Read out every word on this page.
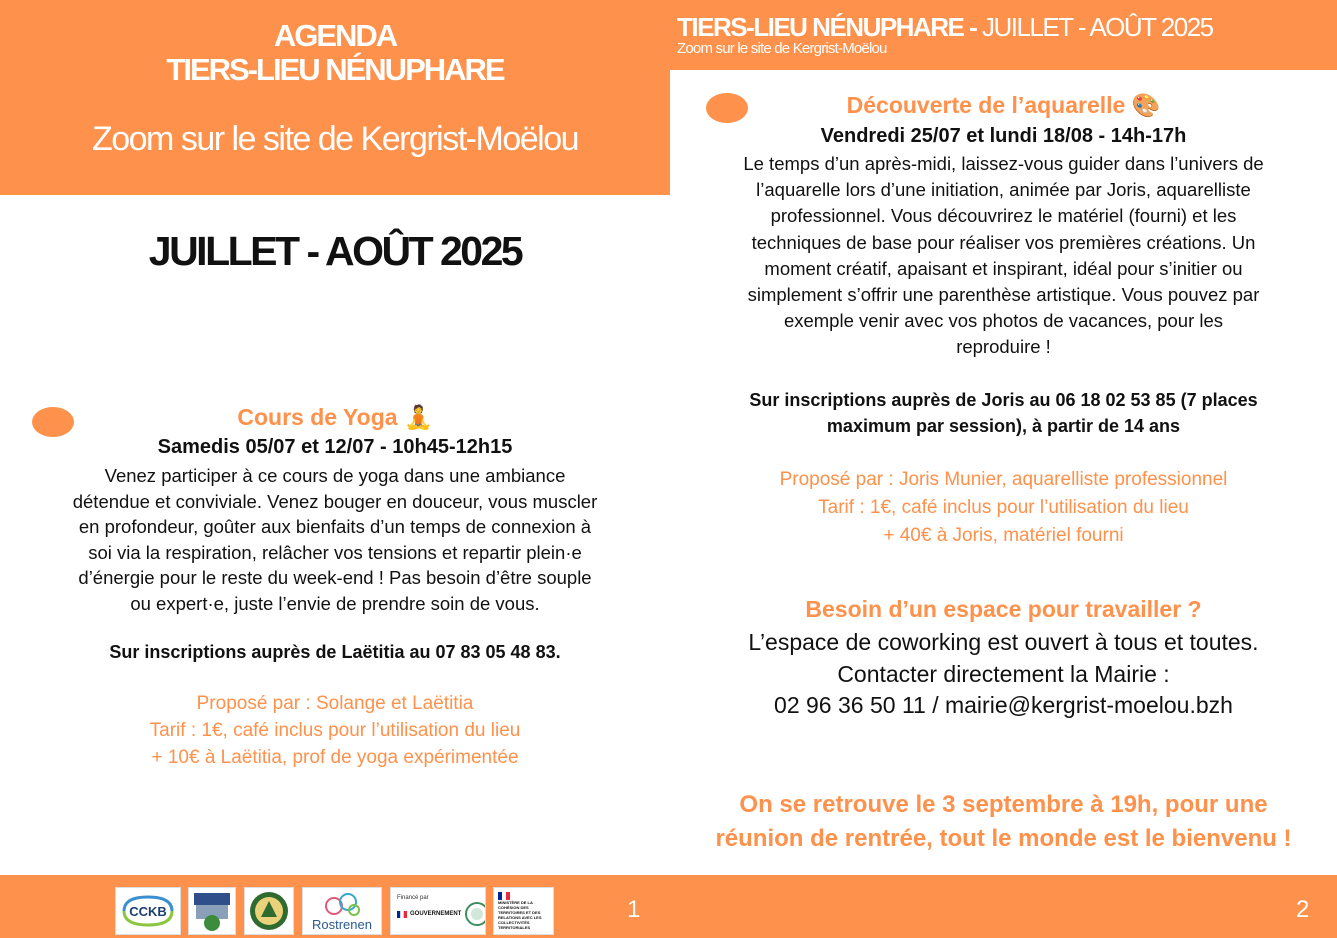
AGENDA
TIERS-LIEU NÉNUPHARE
Zoom sur le site de Kergrist-Moëlou
JUILLET - AOÛT 2025
Cours de Yoga 🧘
Samedis 05/07 et 12/07 - 10h45-12h15
Venez participer à ce cours de yoga dans une ambiance
détendue et conviviale. Venez bouger en douceur, vous muscler
en profondeur, goûter aux bienfaits d’un temps de connexion à
soi via la respiration, relâcher vos tensions et repartir plein·e
d’énergie pour le reste du week-end ! Pas besoin d’être souple
ou expert·e, juste l’envie de prendre soin de vous.
Sur inscriptions auprès de Laëtitia au 07 83 05 48 83.
Proposé par : Solange et Laëtitia
Tarif : 1€, café inclus pour l’utilisation du lieu
+ 10€ à Laëtitia, prof de yoga expérimentée
TIERS-LIEU NÉNUPHARE - JUILLET - AOÛT 2025
Zoom sur le site de Kergrist-Moëlou
Découverte de l’aquarelle 🎨
Vendredi 25/07 et lundi 18/08 - 14h-17h
Le temps d’un après-midi, laissez-vous guider dans l’univers de
l’aquarelle lors d’une initiation, animée par Joris, aquarelliste
professionnel. Vous découvrirez le matériel (fourni) et les
techniques de base pour réaliser vos premières créations. Un
moment créatif, apaisant et inspirant, idéal pour s’initier ou
simplement s’offrir une parenthèse artistique. Vous pouvez par
exemple venir avec vos photos de vacances, pour les
reproduire !
Sur inscriptions auprès de Joris au 06 18 02 53 85 (7 places
maximum par session), à partir de 14 ans
Proposé par : Joris Munier, aquarelliste professionnel
Tarif : 1€, café inclus pour l’utilisation du lieu
+ 40€ à Joris, matériel fourni
Besoin d’un espace pour travailler ?
L’espace de coworking est ouvert à tous et toutes.
Contacter directement la Mairie :
02 96 36 50 11 / mairie@kergrist-moelou.bzh
On se retrouve le 3 septembre à 19h, pour une
réunion de rentrée, tout le monde est le bienvenu !
CCKB
Rostrenen
Financé par
GOUVERNEMENT
MINISTÈRE DE LA COHÉSION DES TERRITOIRES ET DES RELATIONS AVEC LES COLLECTIVITÉS TERRITORIALES
1	2
